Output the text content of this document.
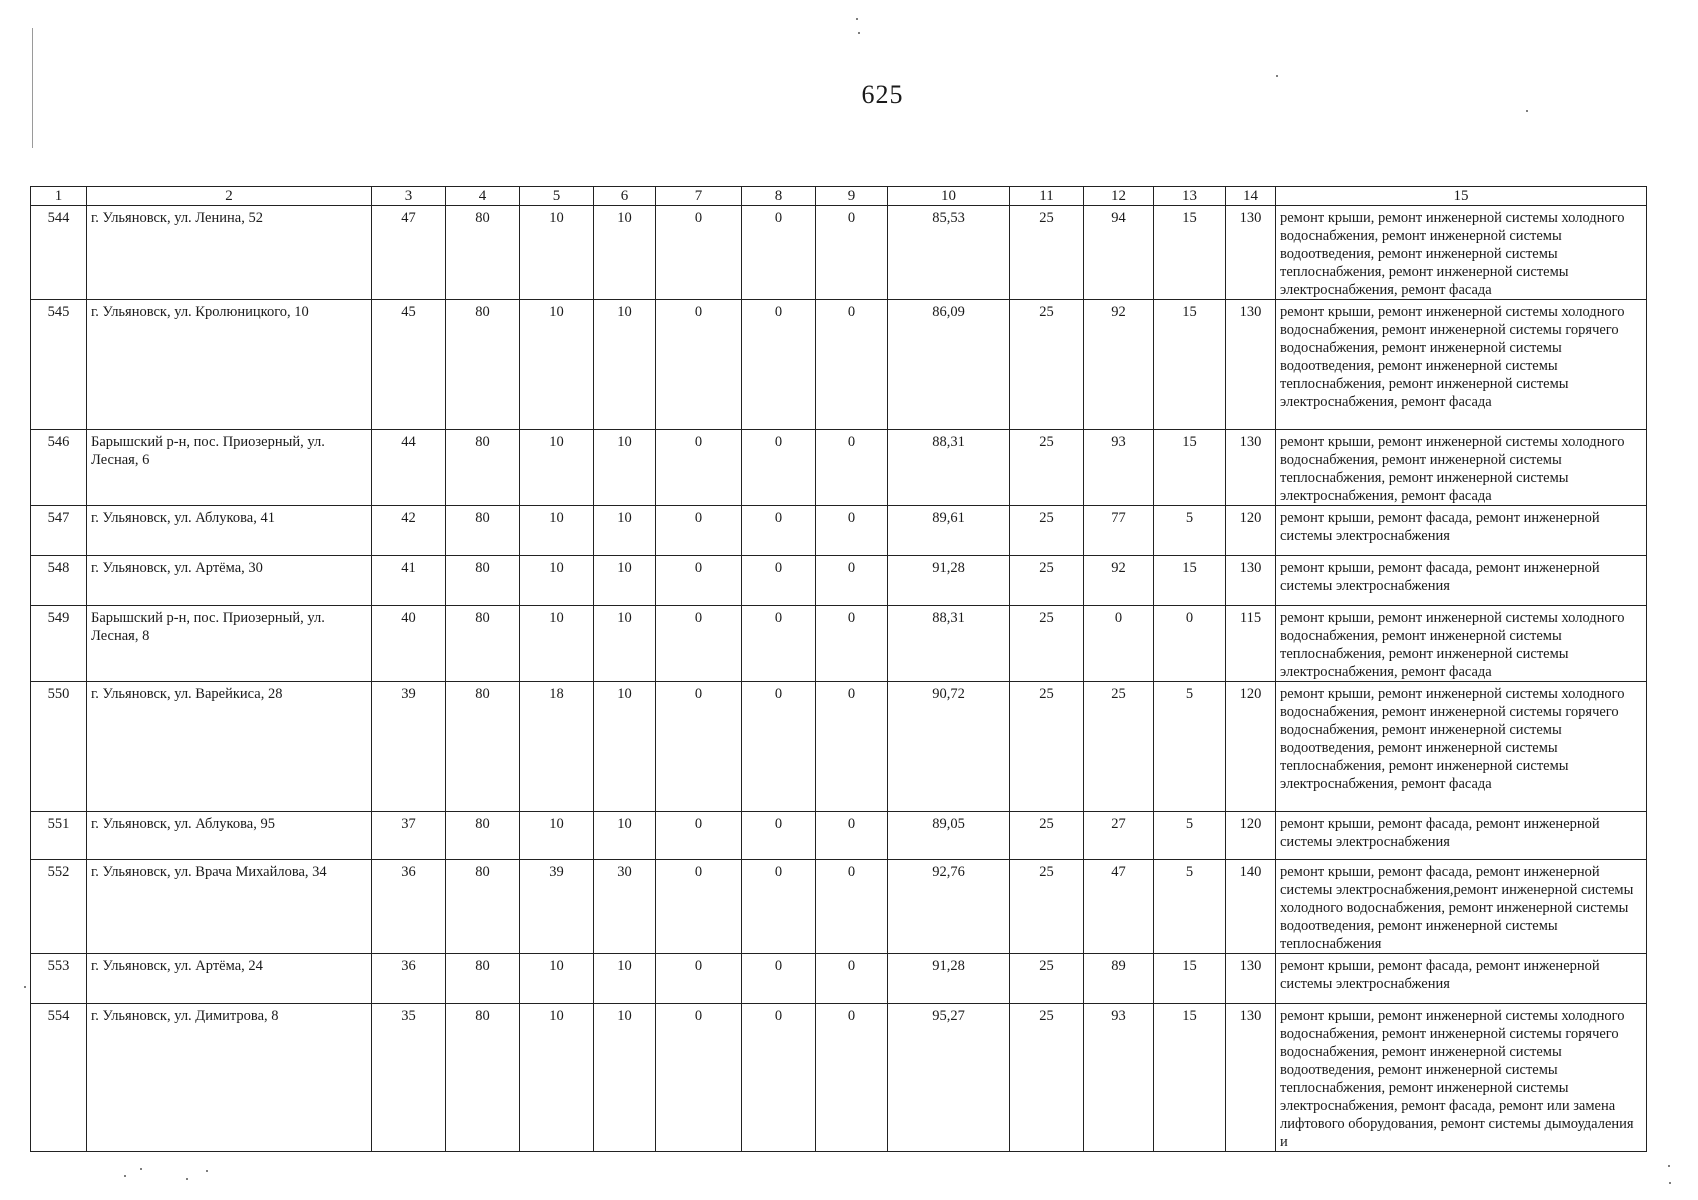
625
1	2	3	4	5	6	7	8	9	10	11	12	13	14	15
544	г. Ульяновск, ул. Ленина, 52	47	80	10	10	0	0	0	85,53	25	94	15	130	ремонт крыши, ремонт инженерной системы холодного водоснабжения, ремонт инженерной системы водоотведения, ремонт инженерной системы теплоснабжения, ремонт инженерной системы электроснабжения, ремонт фасада
545	г. Ульяновск, ул. Кролюницкого, 10	45	80	10	10	0	0	0	86,09	25	92	15	130	ремонт крыши, ремонт инженерной системы холодного водоснабжения, ремонт инженерной системы горячего водоснабжения, ремонт инженерной системы водоотведения, ремонт инженерной системы теплоснабжения, ремонт инженерной системы электроснабжения, ремонт фасада
546	Барышский р-н, пос. Приозерный, ул. Лесная, 6	44	80	10	10	0	0	0	88,31	25	93	15	130	ремонт крыши, ремонт инженерной системы холодного водоснабжения, ремонт инженерной системы теплоснабжения, ремонт инженерной системы электроснабжения, ремонт фасада
547	г. Ульяновск, ул. Аблукова, 41	42	80	10	10	0	0	0	89,61	25	77	5	120	ремонт крыши, ремонт фасада, ремонт инженерной системы электроснабжения
548	г. Ульяновск, ул. Артёма, 30	41	80	10	10	0	0	0	91,28	25	92	15	130	ремонт крыши, ремонт фасада, ремонт инженерной системы электроснабжения
549	Барышский р-н, пос. Приозерный, ул. Лесная, 8	40	80	10	10	0	0	0	88,31	25	0	0	115	ремонт крыши, ремонт инженерной системы холодного водоснабжения, ремонт инженерной системы теплоснабжения, ремонт инженерной системы электроснабжения, ремонт фасада
550	г. Ульяновск, ул. Варейкиса, 28	39	80	18	10	0	0	0	90,72	25	25	5	120	ремонт крыши, ремонт инженерной системы холодного водоснабжения, ремонт инженерной системы горячего водоснабжения, ремонт инженерной системы водоотведения, ремонт инженерной системы теплоснабжения, ремонт инженерной системы электроснабжения, ремонт фасада
551	г. Ульяновск, ул. Аблукова, 95	37	80	10	10	0	0	0	89,05	25	27	5	120	ремонт крыши, ремонт фасада, ремонт инженерной системы электроснабжения
552	г. Ульяновск, ул. Врача Михайлова, 34	36	80	39	30	0	0	0	92,76	25	47	5	140	ремонт крыши, ремонт фасада, ремонт инженерной системы электроснабжения,ремонт инженерной системы холодного водоснабжения, ремонт инженерной системы водоотведения, ремонт инженерной системы теплоснабжения
553	г. Ульяновск, ул. Артёма, 24	36	80	10	10	0	0	0	91,28	25	89	15	130	ремонт крыши, ремонт фасада, ремонт инженерной системы электроснабжения
554	г. Ульяновск, ул. Димитрова, 8	35	80	10	10	0	0	0	95,27	25	93	15	130	ремонт крыши, ремонт инженерной системы холодного водоснабжения, ремонт инженерной системы горячего водоснабжения, ремонт инженерной системы водоотведения, ремонт инженерной системы теплоснабжения, ремонт инженерной системы электроснабжения, ремонт фасада, ремонт или замена лифтового оборудования, ремонт системы дымоудаления и
